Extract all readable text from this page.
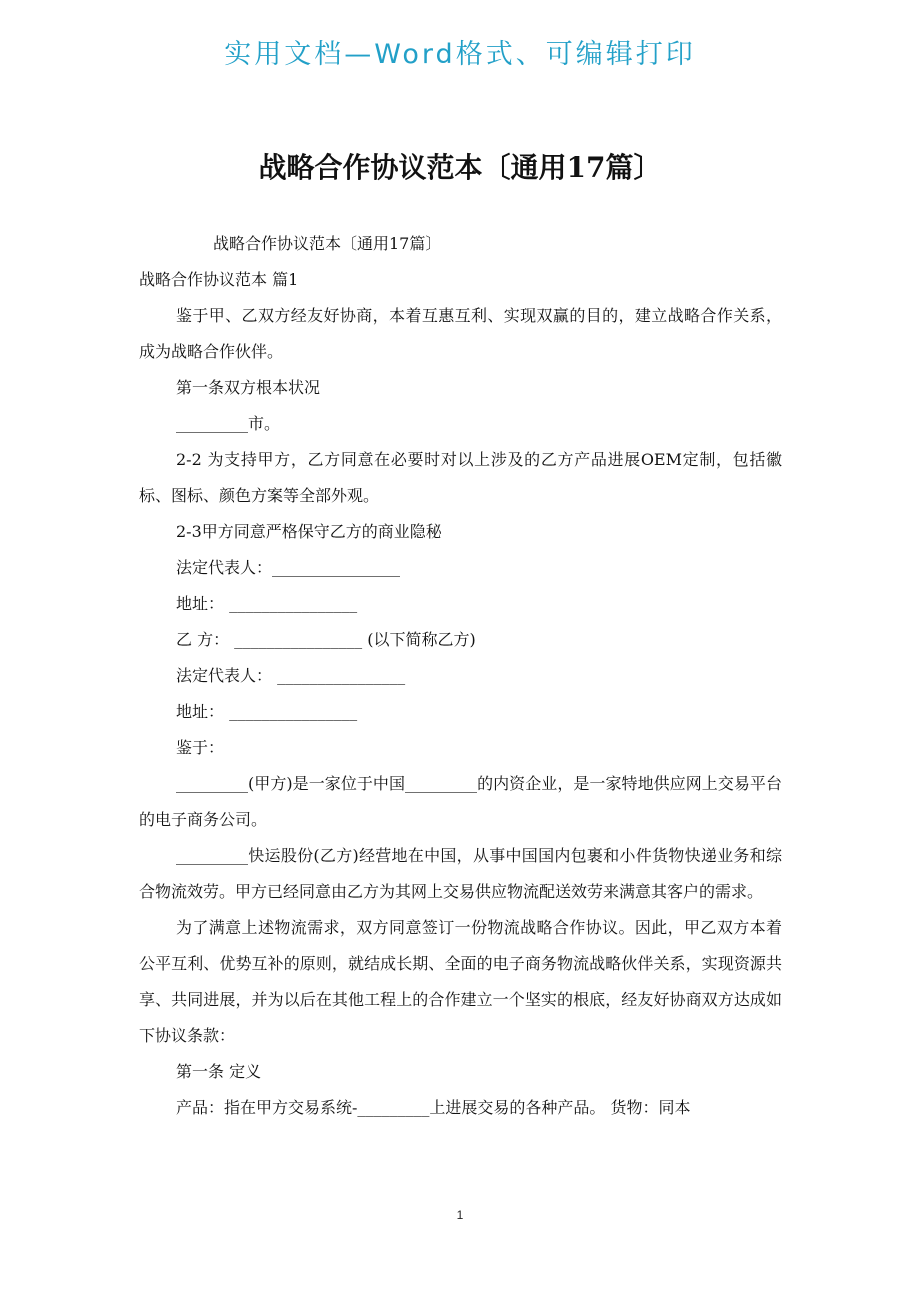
实用文档—Word格式、可编辑打印
战略合作协议范本〔通用17篇〕

战略合作协议范本〔通用17篇〕

战略合作协议范本 篇1

鉴于甲、乙双方经友好协商，本着互惠互利、实现双赢的目的，建立战略合作关系，成为战略合作伙伴。

第一条双方根本状况

_________市。

2-2 为支持甲方，乙方同意在必要时对以上涉及的乙方产品进展OEM定制，包括徽标、图标、颜色方案等全部外观。

2-3甲方同意严格保守乙方的商业隐秘

法定代表人：________________

地址： ________________

乙 方： ________________ (以下简称乙方)

法定代表人： ________________

地址： ________________

鉴于：

_________(甲方)是一家位于中国_________的内资企业，是一家特地供应网上交易平台的电子商务公司。

_________快运股份(乙方)经营地在中国，从事中国国内包裹和小件货物快递业务和综合物流效劳。甲方已经同意由乙方为其网上交易供应物流配送效劳来满意其客户的需求。

为了满意上述物流需求，双方同意签订一份物流战略合作协议。因此，甲乙双方本着公平互利、优势互补的原则，就结成长期、全面的电子商务物流战略伙伴关系，实现资源共享、共同进展，并为以后在其他工程上的合作建立一个坚实的根底，经友好协商双方达成如下协议条款：

第一条 定义

产品：指在甲方交易系统-_________上进展交易的各种产品。 货物：同本

1
